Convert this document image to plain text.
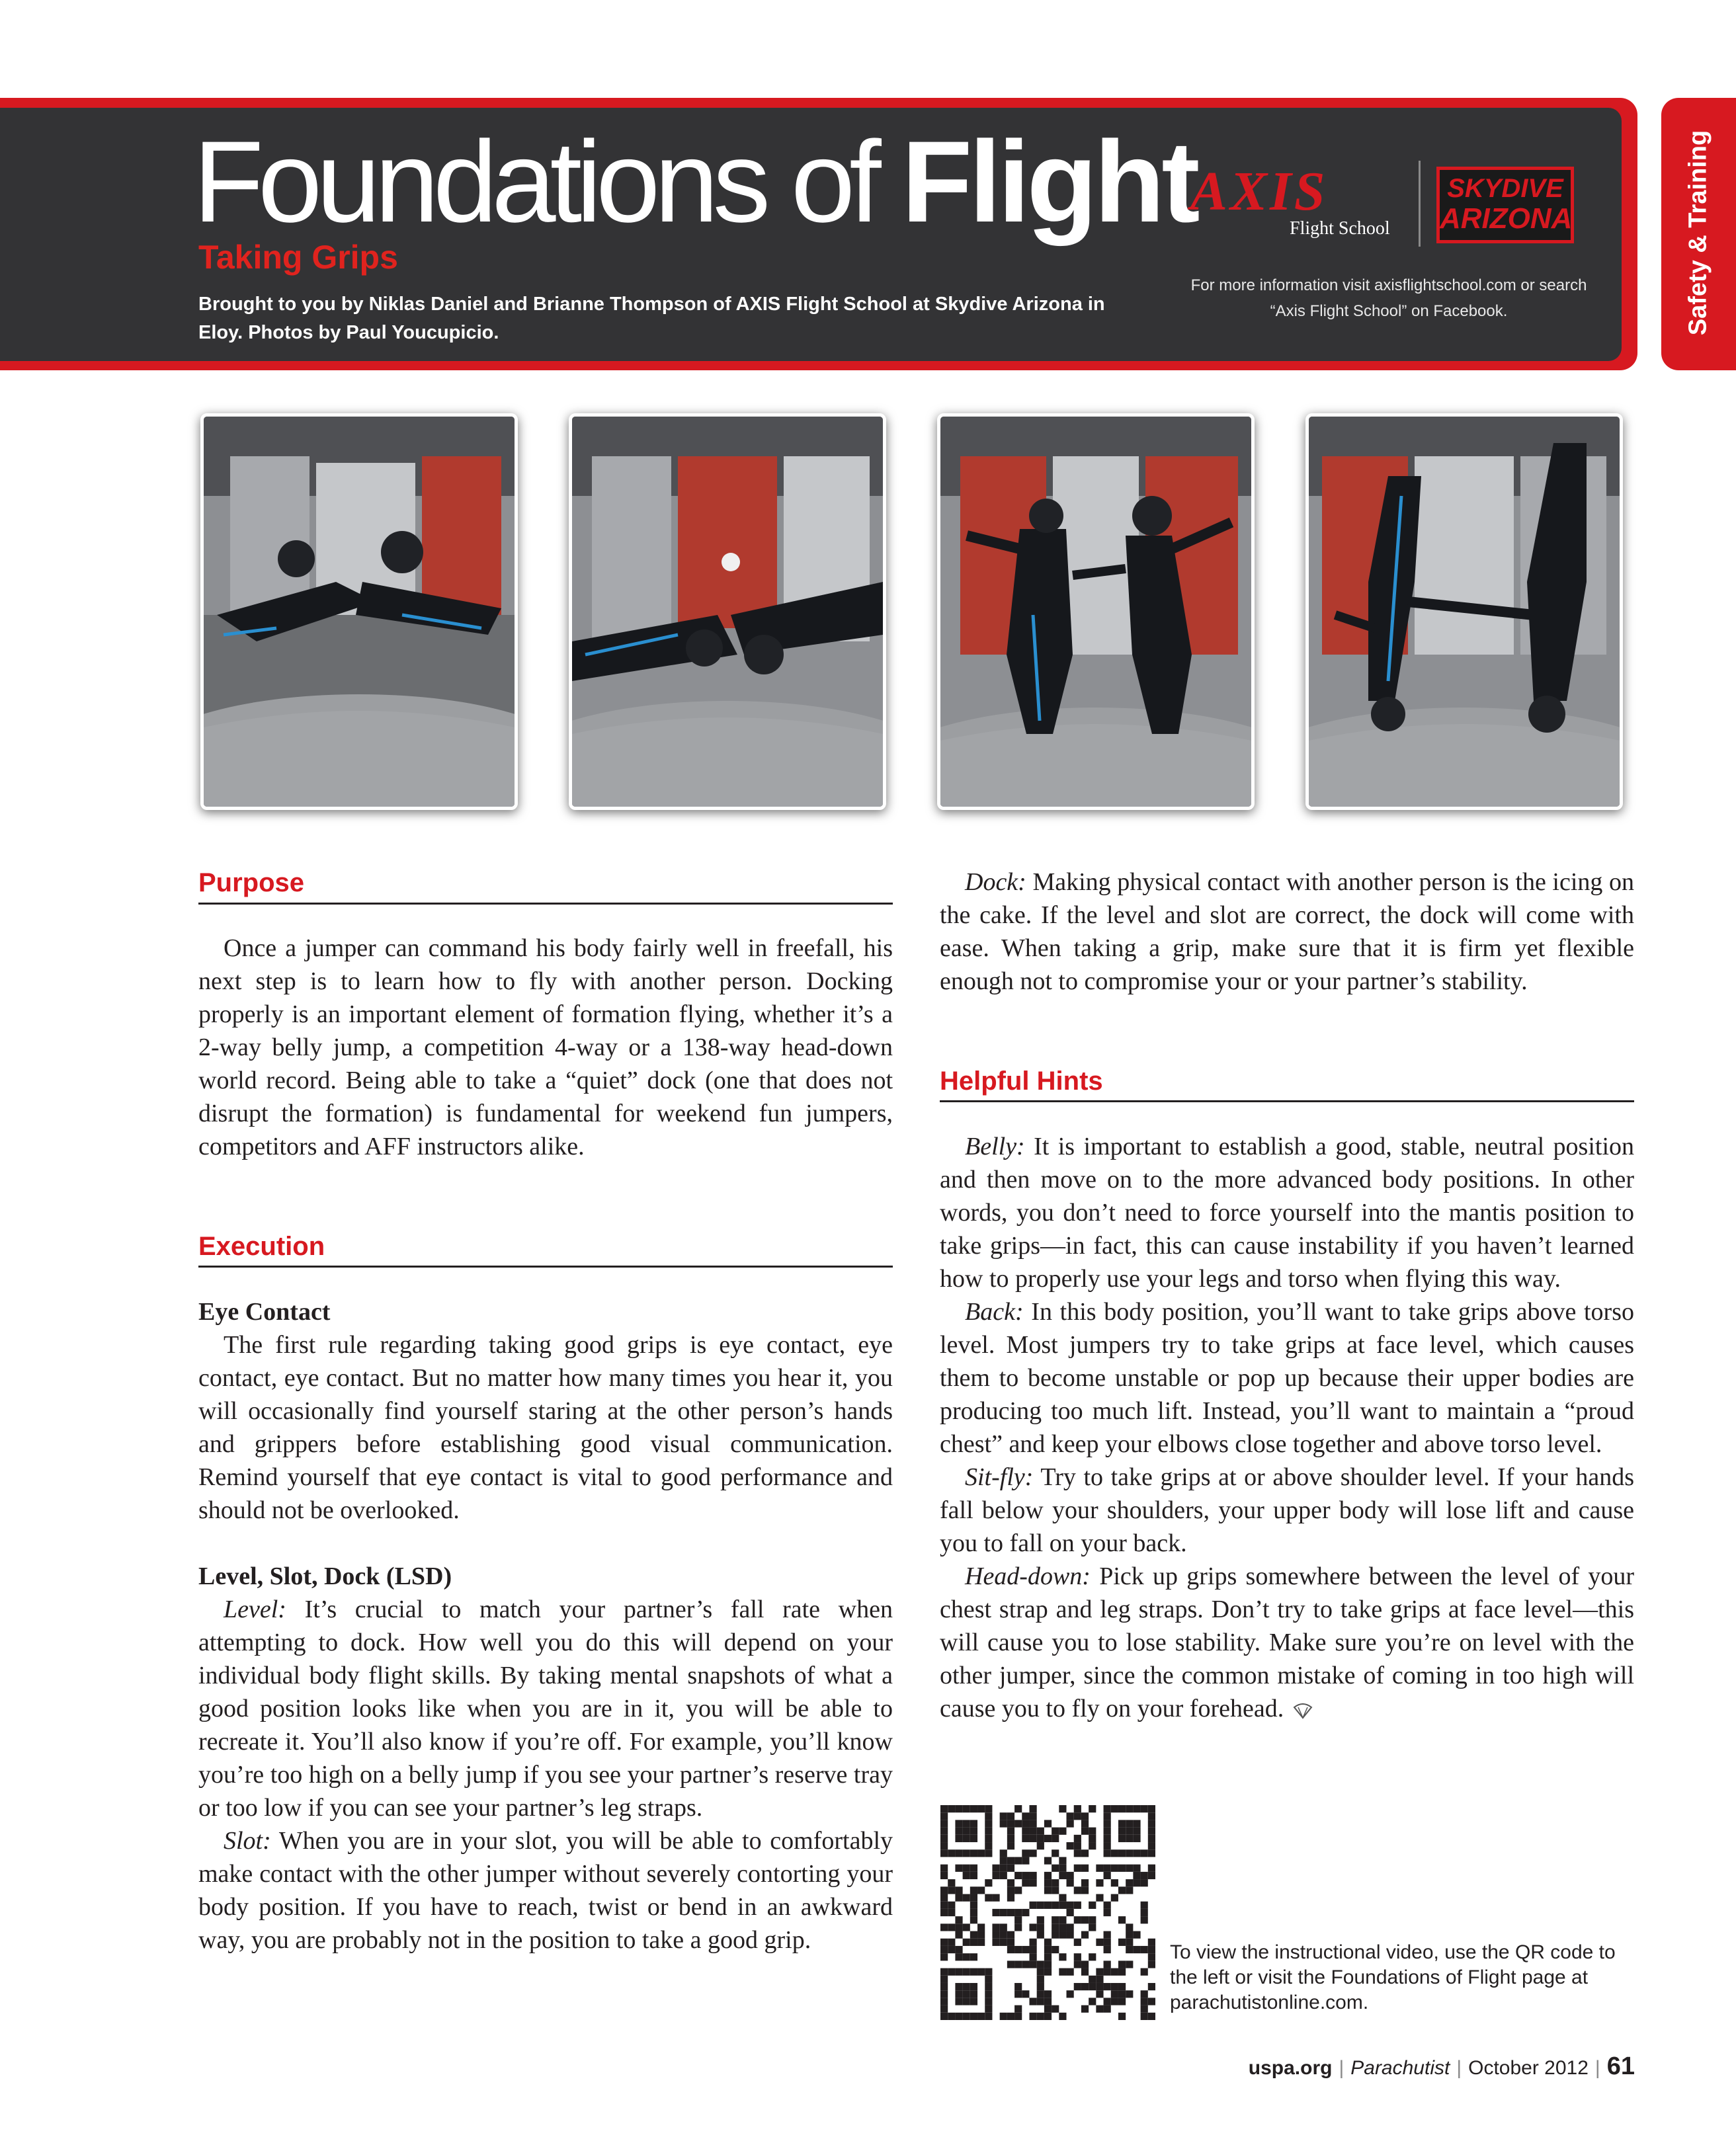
Foundations of Flight
Taking Grips
Brought to you by Niklas Daniel and Brianne Thompson of AXIS Flight School at Skydive Arizona in Eloy. Photos by Paul Youcupicio.
AXIS
Flight School
SKYDIVE
ARIZONA
For more information visit axisflightschool.com or search “Axis Flight School” on Facebook.	Safety & Training
Purpose

Once a jumper can command his body fairly well in freefall, his next step is to learn how to fly with another person. Docking properly is an important element of formation flying, whether it’s a 2-way belly jump, a competition 4-way or a 138-way head-down world record. Being able to take a “quiet” dock (one that does not disrupt the formation) is fundamental for weekend fun jumpers, competitors and AFF instructors alike.

Execution

Eye Contact

The first rule regarding taking good grips is eye contact, eye contact, eye contact. But no matter how many times you hear it, you will occasionally find yourself staring at the other person’s hands and grippers before establishing good visual communication. Remind yourself that eye contact is vital to good performance and should not be overlooked.

Level, Slot, Dock (LSD)

Level: It’s crucial to match your partner’s fall rate when attempting to dock. How well you do this will depend on your individual body flight skills. By taking mental snapshots of what a good position looks like when you are in it, you will be able to recreate it. You’ll also know if you’re off. For example, you’ll know you’re too high on a belly jump if you see your partner’s reserve tray or too low if you can see your partner’s leg straps.

Slot: When you are in your slot, you will be able to comfortably make contact with the other jumper without severely contorting your body position. If you have to reach, twist or bend in an awkward way, you are probably not in the position to take a good grip.

Dock: Making physical contact with another person is the icing on the cake. If the level and slot are correct, the dock will come with ease. When taking a grip, make sure that it is firm yet flexible enough not to compromise your or your partner’s stability.

Helpful Hints

Belly: It is important to establish a good, stable, neutral position and then move on to the more advanced body positions. In other words, you don’t need to force yourself into the mantis position to take grips—in fact, this can cause instability if you haven’t learned how to properly use your legs and torso when flying this way.

Back: In this body position, you’ll want to take grips above torso level. Most jumpers try to take grips at face level, which causes them to become unstable or pop up because their upper bodies are producing too much lift. Instead, you’ll want to maintain a “proud chest” and keep your elbows close together and above torso level.

Sit-fly: Try to take grips at or above shoulder level. If your hands fall below your shoulders, your upper body will lose lift and cause you to fall on your back.

Head-down: Pick up grips somewhere between the level of your chest strap and leg straps. Don’t try to take grips at face level—this will cause you to lose stability. Make sure you’re on level with the other jumper, since the common mistake of coming in too high will cause you to fly on your forehead.

To view the instructional video, use the QR code to the left or visit the Foundations of Flight page at parachutistonline.com.
uspa.org | Parachutist | October 2012 | 61
